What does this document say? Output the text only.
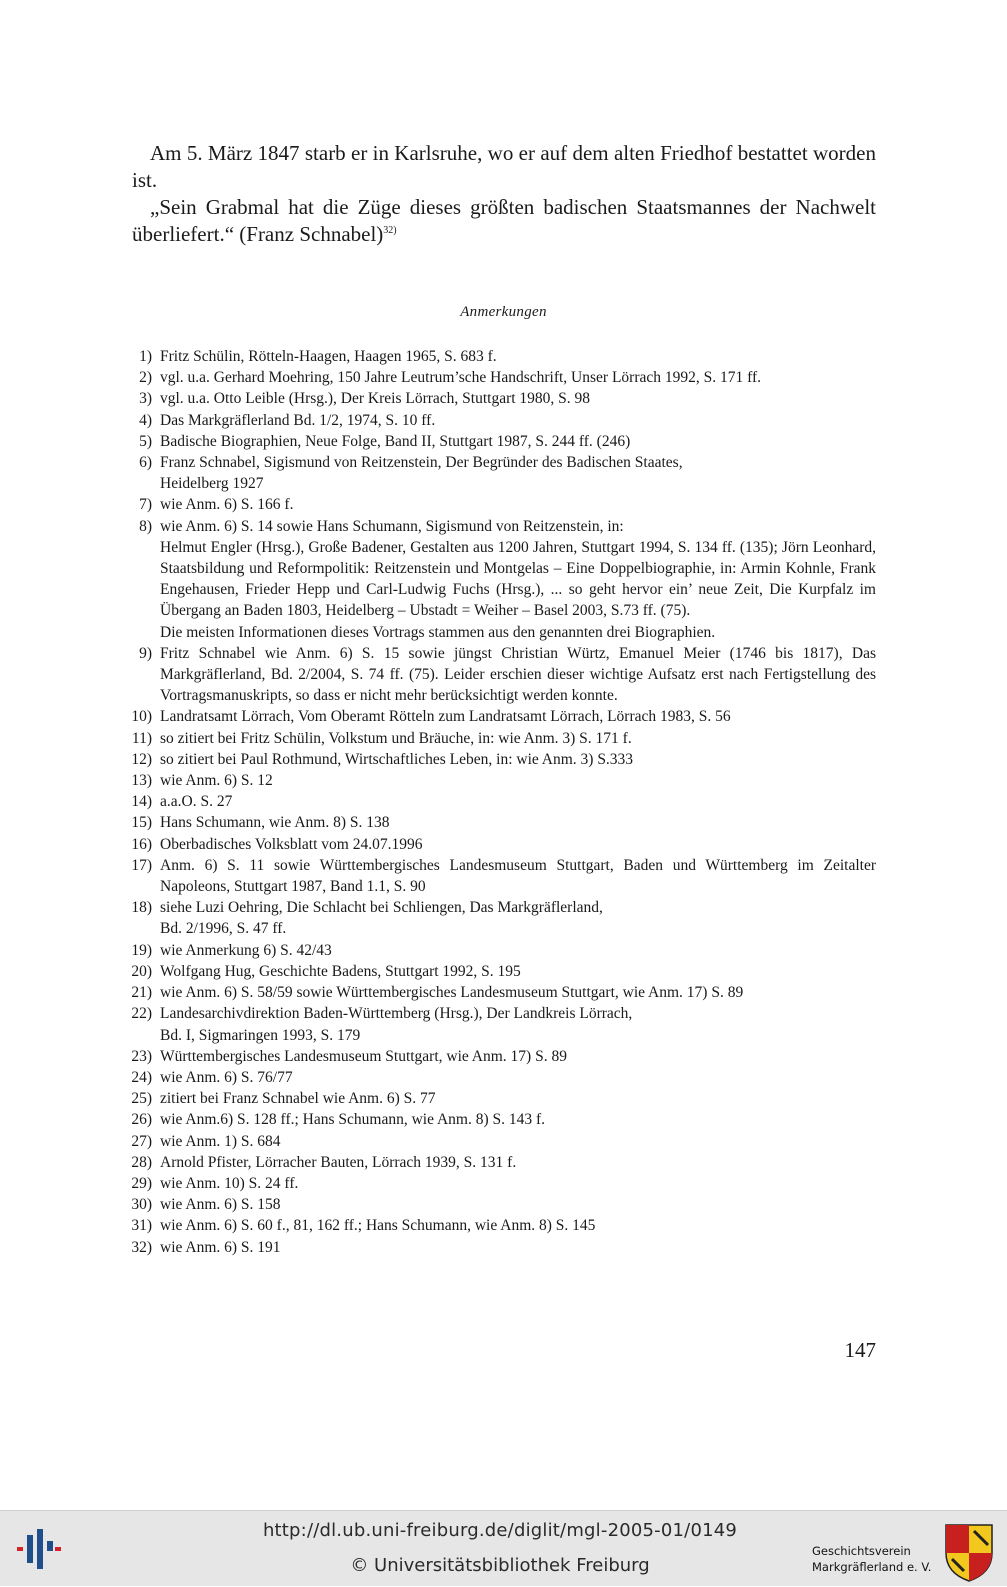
Am 5. März 1847 starb er in Karlsruhe, wo er auf dem alten Friedhof bestattet worden ist.

„Sein Grabmal hat die Züge dieses größten badischen Staatsmannes der Nachwelt überliefert.“ (Franz Schnabel)$^{32)}$

Anmerkungen
1) Fritz Schülin, Rötteln-Haagen, Haagen 1965, S. 683 f.
2) vgl. u.a. Gerhard Moehring, 150 Jahre Leutrum’sche Handschrift, Unser Lörrach 1992, S. 171 ff.
3) vgl. u.a. Otto Leible (Hrsg.), Der Kreis Lörrach, Stuttgart 1980, S. 98
4) Das Markgräflerland Bd. 1/2, 1974, S. 10 ff.
5) Badische Biographien, Neue Folge, Band II, Stuttgart 1987, S. 244 ff. (246)
6) Franz Schnabel, Sigismund von Reitzenstein, Der Begründer des Badischen Staates,
Heidelberg 1927
7) wie Anm. 6) S. 166 f.
8) wie Anm. 6) S. 14 sowie Hans Schumann, Sigismund von Reitzenstein, in:
Helmut Engler (Hrsg.), Große Badener, Gestalten aus 1200 Jahren, Stuttgart 1994, S. 134 ff. (135); Jörn Leonhard, Staatsbildung und Reformpolitik: Reitzenstein und Montgelas – Eine Doppelbiographie, in: Armin Kohnle, Frank Engehausen, Frieder Hepp und Carl-Ludwig Fuchs (Hrsg.), ... so geht hervor ein’ neue Zeit, Die Kurpfalz im Übergang an Baden 1803, Heidelberg – Ubstadt = Weiher – Basel 2003, S.73 ff. (75).
Die meisten Informationen dieses Vortrags stammen aus den genannten drei Biographien.
9) Fritz Schnabel wie Anm. 6) S. 15 sowie jüngst Christian Würtz, Emanuel Meier (1746 bis 1817), Das Markgräflerland, Bd. 2/2004, S. 74 ff. (75). Leider erschien dieser wichtige Aufsatz erst nach Fertigstellung des Vortragsmanuskripts, so dass er nicht mehr berücksichtigt werden konnte.
10) Landratsamt Lörrach, Vom Oberamt Rötteln zum Landratsamt Lörrach, Lörrach 1983, S. 56
11) so zitiert bei Fritz Schülin, Volkstum und Bräuche, in: wie Anm. 3) S. 171 f.
12) so zitiert bei Paul Rothmund, Wirtschaftliches Leben, in: wie Anm. 3) S.333
13) wie Anm. 6) S. 12
14) a.a.O. S. 27
15) Hans Schumann, wie Anm. 8) S. 138
16) Oberbadisches Volksblatt vom 24.07.1996
17) Anm. 6) S. 11 sowie Württembergisches Landesmuseum Stuttgart, Baden und Württemberg im Zeitalter Napoleons, Stuttgart 1987, Band 1.1, S. 90
18) siehe Luzi Oehring, Die Schlacht bei Schliengen, Das Markgräflerland,
Bd. 2/1996, S. 47 ff.
19) wie Anmerkung 6) S. 42/43
20) Wolfgang Hug, Geschichte Badens, Stuttgart 1992, S. 195
21) wie Anm. 6) S. 58/59 sowie Württembergisches Landesmuseum Stuttgart, wie Anm. 17) S. 89
22) Landesarchivdirektion Baden-Württemberg (Hrsg.), Der Landkreis Lörrach,
Bd. I, Sigmaringen 1993, S. 179
23) Württembergisches Landesmuseum Stuttgart, wie Anm. 17) S. 89
24) wie Anm. 6) S. 76/77
25) zitiert bei Franz Schnabel wie Anm. 6) S. 77
26) wie Anm.6) S. 128 ff.; Hans Schumann, wie Anm. 8) S. 143 f.
27) wie Anm. 1) S. 684
28) Arnold Pfister, Lörracher Bauten, Lörrach 1939, S. 131 f.
29) wie Anm. 10) S. 24 ff.
30) wie Anm. 6) S. 158
31) wie Anm. 6) S. 60 f., 81, 162 ff.; Hans Schumann, wie Anm. 8) S. 145
32) wie Anm. 6) S. 191
147
http://dl.ub.uni-freiburg.de/diglit/mgl-2005-01/0149
© Universitätsbibliothek Freiburg
Geschichtsverein
Markgräflerland e. V.
